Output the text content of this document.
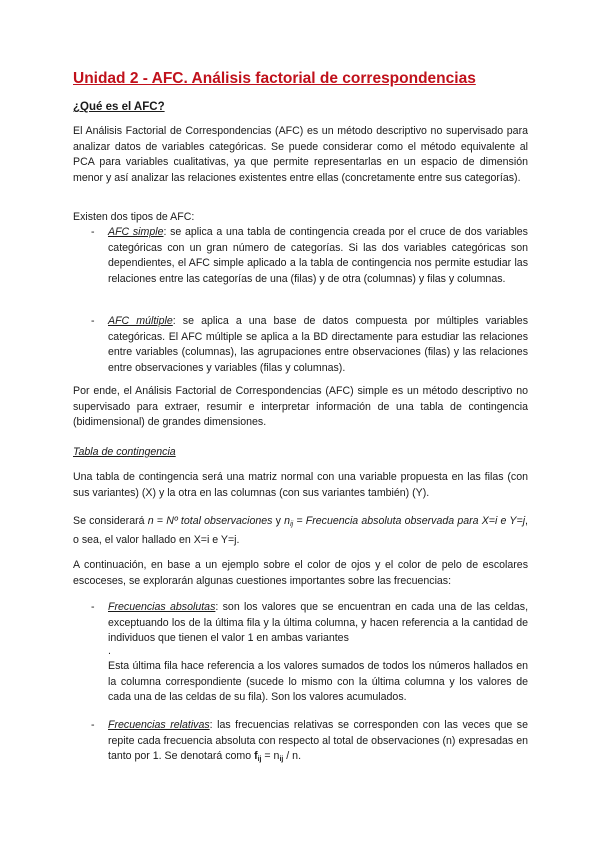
Unidad 2 - AFC. Análisis factorial de correspondencias
¿Qué es el AFC?

El Análisis Factorial de Correspondencias (AFC) es un método descriptivo no supervisado para analizar datos de variables categóricas. Se puede considerar como el método equivalente al PCA para variables cualitativas, ya que permite representarlas en un espacio de dimensión menor y así analizar las relaciones existentes entre ellas (concretamente entre sus categorías).

Existen dos tipos de AFC:

- AFC simple: se aplica a una tabla de contingencia creada por el cruce de dos variables categóricas con un gran número de categorías. Si las dos variables categóricas son dependientes, el AFC simple aplicado a la tabla de contingencia nos permite estudiar las relaciones entre las categorías de una (filas) y de otra (columnas) y filas y columnas.

- AFC múltiple: se aplica a una base de datos compuesta por múltiples variables categóricas. El AFC múltiple se aplica a la BD directamente para estudiar las relaciones entre variables (columnas), las agrupaciones entre observaciones (filas) y las relaciones entre observaciones y variables (filas y columnas).

Por ende, el Análisis Factorial de Correspondencias (AFC) simple es un método descriptivo no supervisado para extraer, resumir e interpretar información de una tabla de contingencia (bidimensional) de grandes dimensiones.

Tabla de contingencia

Una tabla de contingencia será una matriz normal con una variable propuesta en las filas (con sus variantes) (X) y la otra en las columnas (con sus variantes también) (Y).

Se considerará n = Nº total observaciones y $n_{ij}$ = Frecuencia absoluta observada para X=i e Y=j, o sea, el valor hallado en X=i e Y=j.

A continuación, en base a un ejemplo sobre el color de ojos y el color de pelo de escolares escoceses, se explorarán algunas cuestiones importantes sobre las frecuencias:

- Frecuencias absolutas: son los valores que se encuentran en cada una de las celdas, exceptuando los de la última fila y la última columna, y hacen referencia a la cantidad de individuos que tienen el valor 1 en ambas variantes

.

Esta última fila hace referencia a los valores sumados de todos los números hallados en la columna correspondiente (sucede lo mismo con la última columna y los valores de cada una de las celdas de su fila). Son los valores acumulados.

- Frecuencias relativas: las frecuencias relativas se corresponden con las veces que se repite cada frecuencia absoluta con respecto al total de observaciones (n) expresadas en tanto por 1. Se denotará como $f_{ij} = n_{ij} / n$.
